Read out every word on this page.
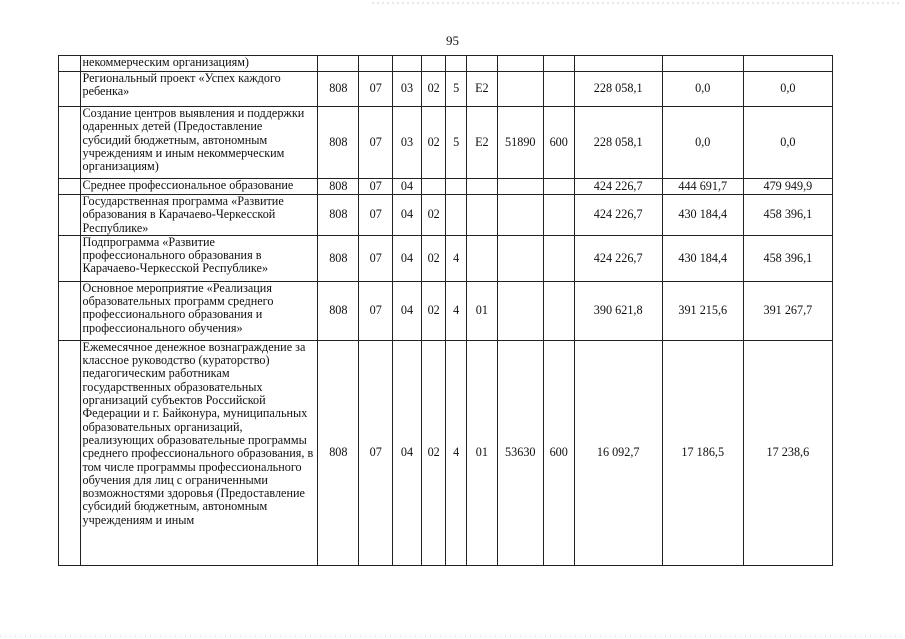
95
	некоммерческим организациям)											
	Региональный проект «Успех каждого ребенка»	808	07	03	02	5	E2			228 058,1	0,0	0,0
	Создание центров выявления и поддержки одаренных детей (Предоставление субсидий бюджетным, автономным учреждениям и иным некоммерческим организациям)	808	07	03	02	5	E2	51890	600	228 058,1	0,0	0,0
	Среднее профессиональное образование	808	07	04						424 226,7	444 691,7	479 949,9
	Государственная программа «Развитие образования в Карачаево-Черкесской Республике»	808	07	04	02					424 226,7	430 184,4	458 396,1
	Подпрограмма «Развитие профессионального образования в Карачаево-Черкесской Республике»	808	07	04	02	4				424 226,7	430 184,4	458 396,1
	Основное мероприятие «Реализация образовательных программ среднего профессионального образования и профессионального обучения»	808	07	04	02	4	01			390 621,8	391 215,6	391 267,7
	Ежемесячное денежное вознаграждение за классное руководство (кураторство) педагогическим работникам государственных образовательных организаций субъектов Российской Федерации и г. Байконура, муниципальных образовательных организаций, реализующих образовательные программы среднего профессионального образования, в том числе программы профессионального обучения для лиц с ограниченными возможностями здоровья (Предоставление субсидий бюджетным, автономным учреждениям и иным	808	07	04	02	4	01	53630	600	16 092,7	17 186,5	17 238,6
